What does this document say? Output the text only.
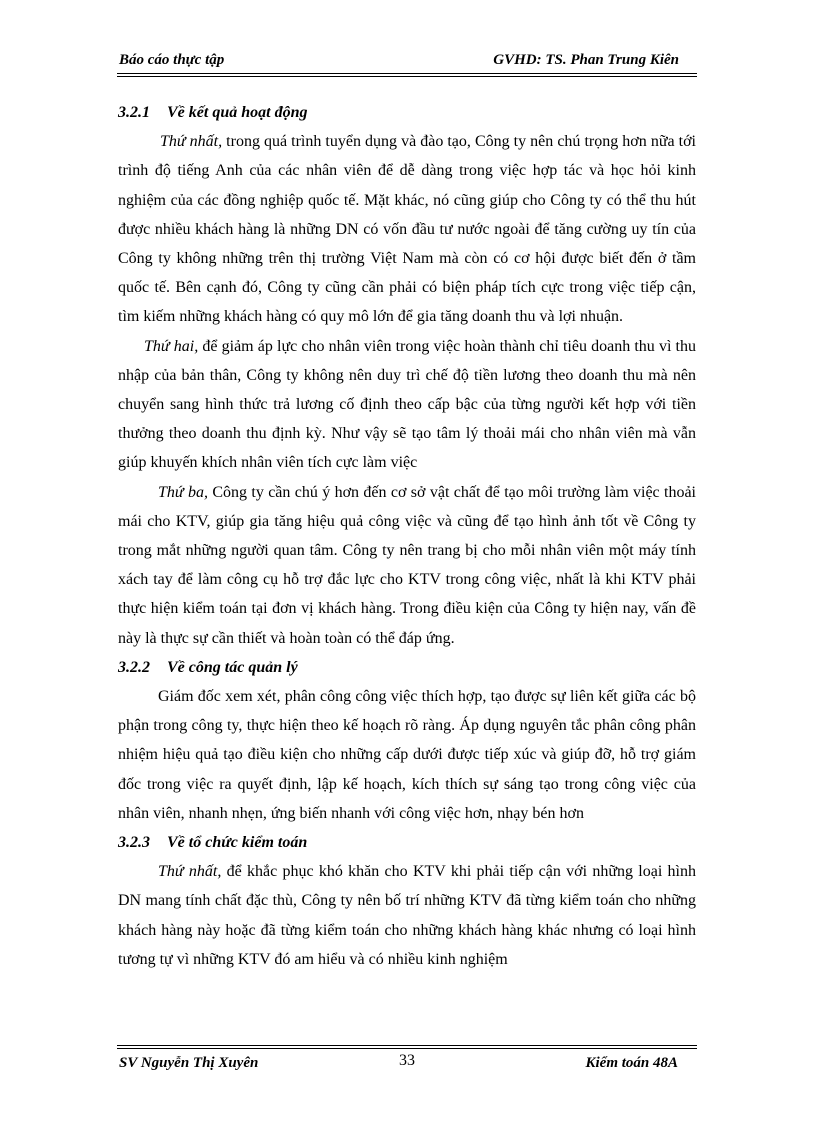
Báo cáo thực tập	GVHD: TS. Phan Trung Kiên
3.2.1 Về kết quả hoạt động

Thứ nhất, trong quá trình tuyển dụng và đào tạo, Công ty nên chú trọng hơn nữa tới trình độ tiếng Anh của các nhân viên để dễ dàng trong việc hợp tác và học hỏi kinh nghiệm của các đồng nghiệp quốc tế. Mặt khác, nó cũng giúp cho Công ty có thể thu hút được nhiều khách hàng là những DN có vốn đầu tư nước ngoài để tăng cường uy tín của Công ty không những trên thị trường Việt Nam mà còn có cơ hội được biết đến ở tầm quốc tế. Bên cạnh đó, Công ty cũng cần phải có biện pháp tích cực trong việc tiếp cận, tìm kiếm những khách hàng có quy mô lớn để gia tăng doanh thu và lợi nhuận.

Thứ hai, để giảm áp lực cho nhân viên trong việc hoàn thành chỉ tiêu doanh thu vì thu nhập của bản thân, Công ty không nên duy trì chế độ tiền lương theo doanh thu mà nên chuyển sang hình thức trả lương cố định theo cấp bậc của từng người kết hợp với tiền thưởng theo doanh thu định kỳ. Như vậy sẽ tạo tâm lý thoải mái cho nhân viên mà vẫn giúp khuyến khích nhân viên tích cực làm việc

Thứ ba, Công ty cần chú ý hơn đến cơ sở vật chất để tạo môi trường làm việc thoải mái cho KTV, giúp gia tăng hiệu quả công việc và cũng để tạo hình ảnh tốt về Công ty trong mắt những người quan tâm. Công ty nên trang bị cho mỗi nhân viên một máy tính xách tay để làm công cụ hỗ trợ đắc lực cho KTV trong công việc, nhất là khi KTV phải thực hiện kiểm toán tại đơn vị khách hàng. Trong điều kiện của Công ty hiện nay, vấn đề này là thực sự cần thiết và hoàn toàn có thể đáp ứng.

3.2.2 Về công tác quản lý

Giám đốc xem xét, phân công công việc thích hợp, tạo được sự liên kết giữa các bộ phận trong công ty, thực hiện theo kế hoạch rõ ràng. Áp dụng nguyên tắc phân công phân nhiệm hiệu quả tạo điều kiện cho những cấp dưới được tiếp xúc và giúp đỡ, hỗ trợ giám đốc trong việc ra quyết định, lập kế hoạch, kích thích sự sáng tạo trong công việc của nhân viên, nhanh nhẹn, ứng biến nhanh với công việc hơn, nhạy bén hơn

3.2.3 Về tổ chức kiểm toán

Thứ nhất, để khắc phục khó khăn cho KTV khi phải tiếp cận với những loại hình DN mang tính chất đặc thù, Công ty nên bố trí những KTV đã từng kiểm toán cho những khách hàng này hoặc đã từng kiểm toán cho những khách hàng khác nhưng có loại hình tương tự vì những KTV đó am hiểu và có nhiều kinh nghiệm

SV Nguyễn Thị Xuyên	33	Kiểm toán 48A
